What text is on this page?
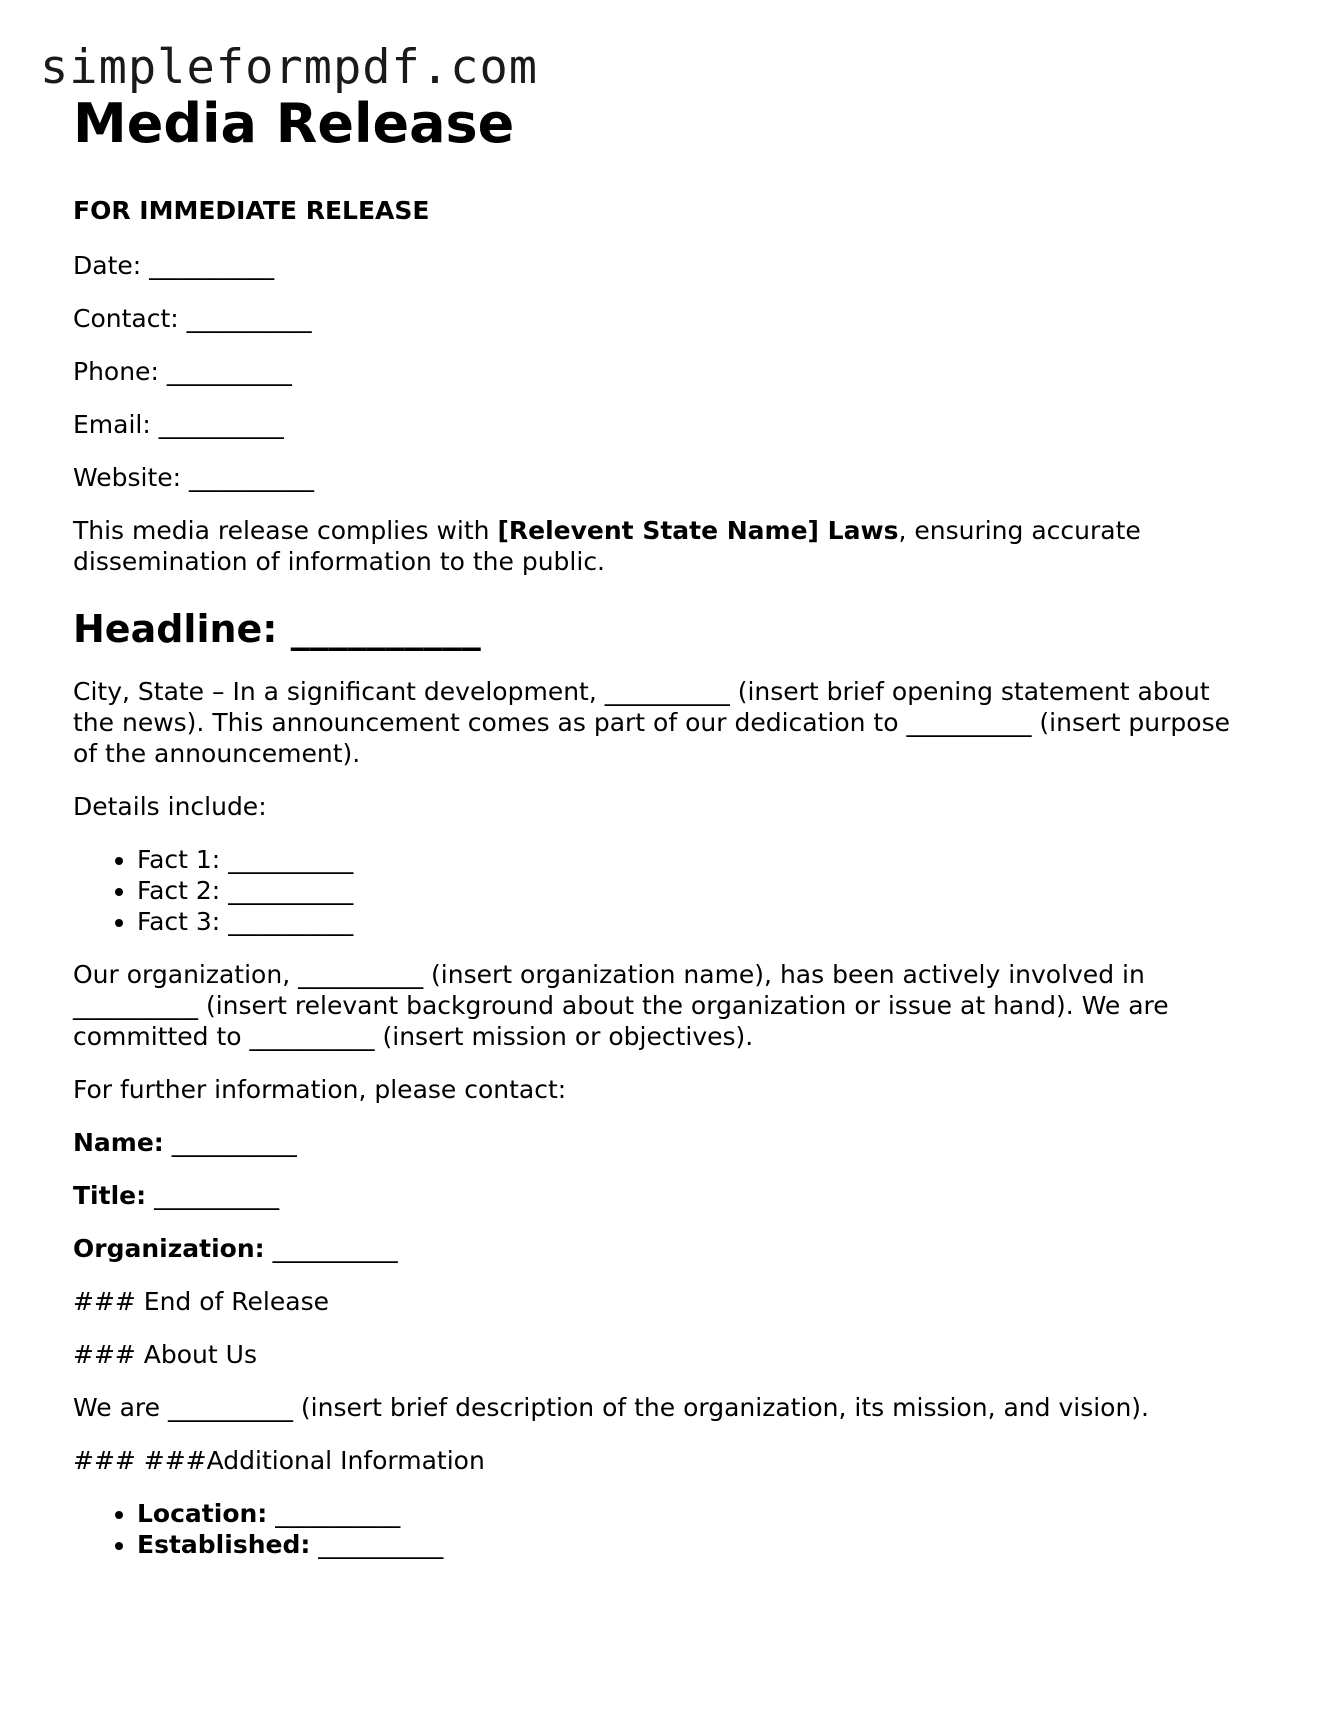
simpleformpdf.com
Media Release
FOR IMMEDIATE RELEASE

Date: __________

Contact: __________

Phone: __________

Email: __________

Website: __________

This media release complies with [Relevent State Name] Laws, ensuring accurate dissemination of information to the public.

Headline: __________

City, State – In a significant development, __________ (insert brief opening statement about the news). This announcement comes as part of our dedication to __________ (insert purpose of the announcement).

Details include:

• Fact 1: __________
• Fact 2: __________
• Fact 3: __________

Our organization, __________ (insert organization name), has been actively involved in __________ (insert relevant background about the organization or issue at hand). We are committed to __________ (insert mission or objectives).

For further information, please contact:

Name: __________

Title: __________

Organization: __________

### End of Release

### About Us

We are __________ (insert brief description of the organization, its mission, and vision).

### ###Additional Information

• Location: __________
• Established: __________
